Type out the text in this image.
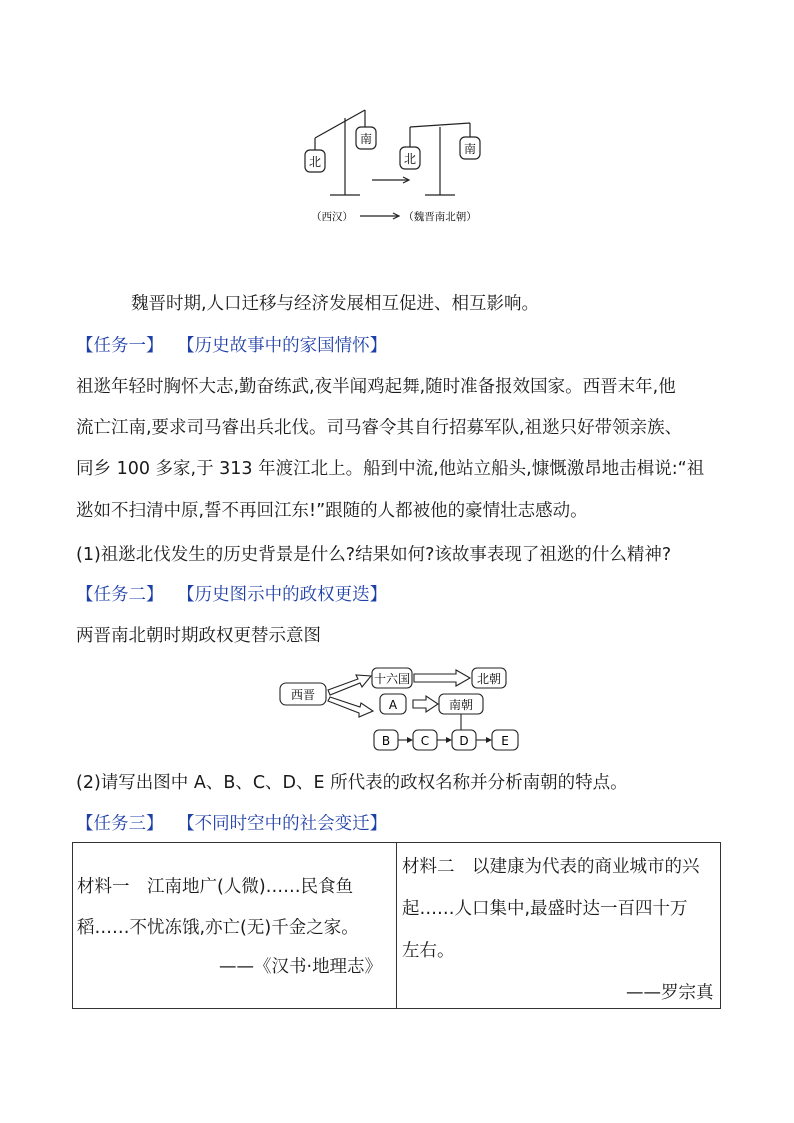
北
南
北
南
（西汉）	（魏晋南北朝）
魏晋时期,人口迁移与经济发展相互促进、相互影响。
【任务一】 【历史故事中的家国情怀】
祖逖年轻时胸怀大志,勤奋练武,夜半闻鸡起舞,随时准备报效国家。西晋末年,他
流亡江南,要求司马睿出兵北伐。司马睿令其自行招募军队,祖逖只好带领亲族、
同乡 100 多家,于 313 年渡江北上。船到中流,他站立船头,慷慨激昂地击楫说:“祖
逖如不扫清中原,誓不再回江东!”跟随的人都被他的豪情壮志感动。
(1)祖逖北伐发生的历史背景是什么?结果如何?该故事表现了祖逖的什么精神?
【任务二】 【历史图示中的政权更迭】
两晋南北朝时期政权更替示意图
西晋
十六国	北朝
A	南朝
B	C	D	E
(2)请写出图中 A、B、C、D、E 所代表的政权名称并分析南朝的特点。
【任务三】 【不同时空中的社会变迁】
材料一　江南地广(人微)……民食鱼
稻……不忧冻饿,亦亡(无)千金之家。
——《汉书·地理志》
材料二　以建康为代表的商业城市的兴
起……人口集中,最盛时达一百四十万
左右。
——罗宗真
